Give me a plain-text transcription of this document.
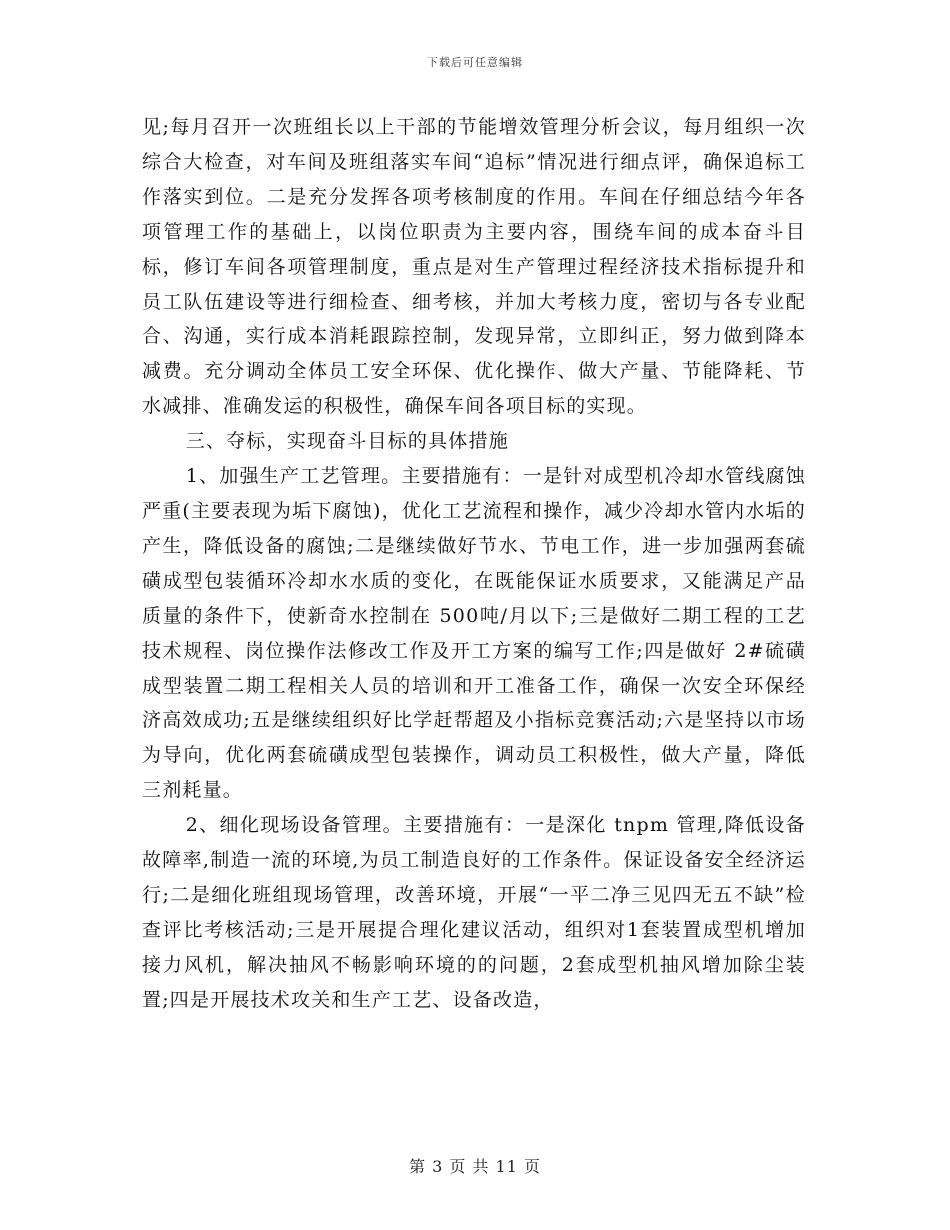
下载后可任意编辑

见;每月召开一次班组长以上干部的节能增效管理分析会议，每月组织一次综合大检查，对车间及班组落实车间“追标”情况进行细点评，确保追标工作落实到位。二是充分发挥各项考核制度的作用。车间在仔细总结今年各项管理工作的基础上，以岗位职责为主要内容，围绕车间的成本奋斗目标，修订车间各项管理制度，重点是对生产管理过程经济技术指标提升和员工队伍建设等进行细检查、细考核，并加大考核力度，密切与各专业配合、沟通，实行成本消耗跟踪控制，发现异常，立即纠正，努力做到降本减费。充分调动全体员工安全环保、优化操作、做大产量、节能降耗、节水减排、准确发运的积极性，确保车间各项目标的实现。

三、夺标，实现奋斗目标的具体措施

1、加强生产工艺管理。主要措施有：一是针对成型机冷却水管线腐蚀严重(主要表现为垢下腐蚀)，优化工艺流程和操作，减少冷却水管内水垢的产生，降低设备的腐蚀;二是继续做好节水、节电工作，进一步加强两套硫磺成型包装循环冷却水水质的变化，在既能保证水质要求，又能满足产品质量的条件下，使新奇水控制在 500吨/月以下;三是做好二期工程的工艺技术规程、岗位操作法修改工作及开工方案的编写工作;四是做好 2#硫磺成型装置二期工程相关人员的培训和开工准备工作，确保一次安全环保经济高效成功;五是继续组织好比学赶帮超及小指标竞赛活动;六是坚持以市场为导向，优化两套硫磺成型包装操作，调动员工积极性，做大产量，降低三剂耗量。

2、细化现场设备管理。主要措施有：一是深化 tnpm 管理,降低设备故障率,制造一流的环境,为员工制造良好的工作条件。保证设备安全经济运行;二是细化班组现场管理，改善环境，开展“一平二净三见四无五不缺”检查评比考核活动;三是开展提合理化建议活动，组织对1套装置成型机增加接力风机，解决抽风不畅影响环境的的问题，2套成型机抽风增加除尘装置;四是开展技术攻关和生产工艺、设备改造，

第 3 页 共 11 页
